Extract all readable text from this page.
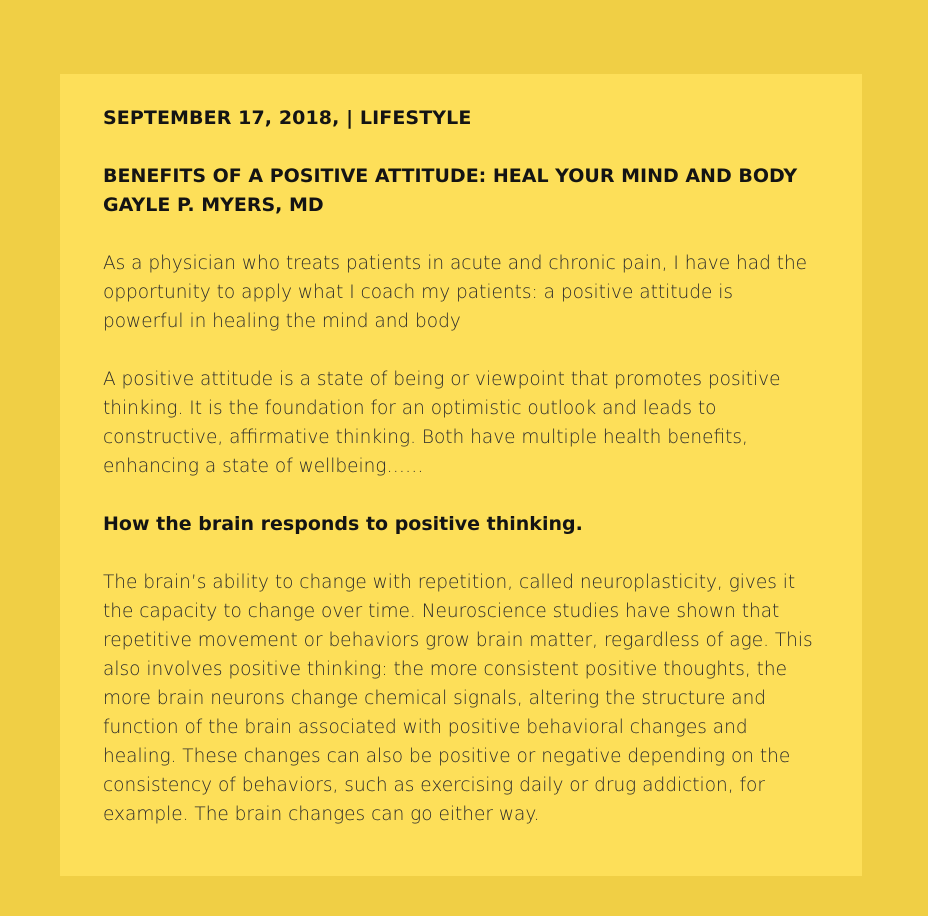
SEPTEMBER 17, 2018, | LIFESTYLE
BENEFITS OF A POSITIVE ATTITUDE: HEAL YOUR MIND AND BODY
GAYLE P. MYERS, MD
As a physician who treats patients in acute and chronic pain, I have had the opportunity to apply what I coach my patients: a positive attitude is powerful in healing the mind and body
A positive attitude is a state of being or viewpoint that promotes positive thinking. It is the foundation for an optimistic outlook and leads to constructive, affirmative thinking. Both have multiple health benefits, enhancing a state of wellbeing……
How the brain responds to positive thinking.
The brain’s ability to change with repetition, called neuroplasticity, gives it the capacity to change over time. Neuroscience studies have shown that repetitive movement or behaviors grow brain matter, regardless of age. This also involves positive thinking: the more consistent positive thoughts, the more brain neurons change chemical signals, altering the structure and function of the brain associated with positive behavioral changes and healing. These changes can also be positive or negative depending on the consistency of behaviors, such as exercising daily or drug addiction, for example. The brain changes can go either way.
